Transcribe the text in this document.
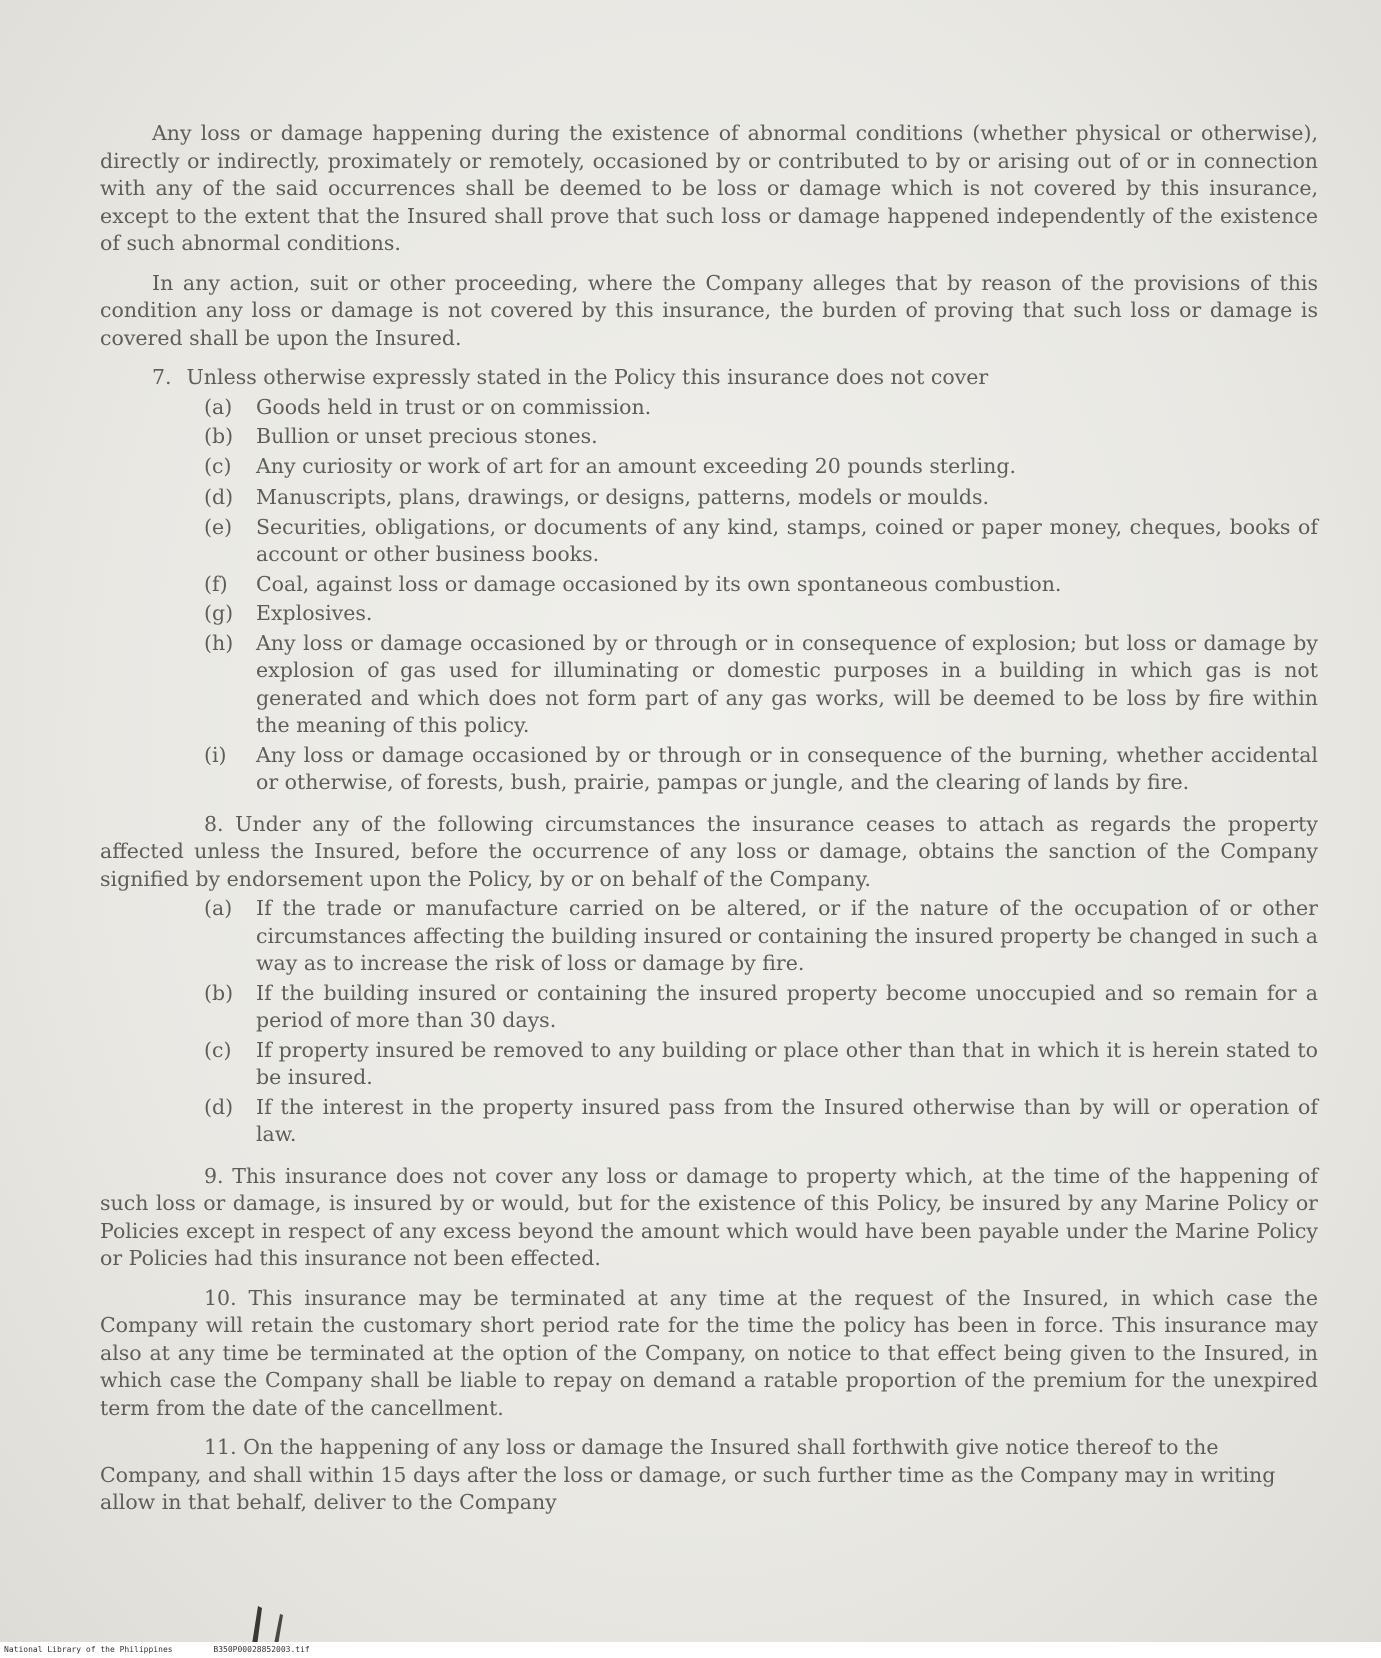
Any loss or damage happening during the existence of abnormal conditions (whether physical or otherwise), directly or indirectly, proximately or remotely, occasioned by or contributed to by or arising out of or in connection with any of the said occurrences shall be deemed to be loss or damage which is not covered by this insurance, except to the extent that the Insured shall prove that such loss or damage happened independently of the existence of such abnormal conditions.

In any action, suit or other proceeding, where the Company alleges that by reason of the provisions of this condition any loss or damage is not covered by this insurance, the burden of proving that such loss or damage is covered shall be upon the Insured.

7. Unless otherwise expressly stated in the Policy this insurance does not cover

(a) Goods held in trust or on commission.
(b) Bullion or unset precious stones.
(c) Any curiosity or work of art for an amount exceeding 20 pounds sterling.
(d) Manuscripts, plans, drawings, or designs, patterns, models or moulds.
(e) Securities, obligations, or documents of any kind, stamps, coined or paper money, cheques, books of account or other business books.
(f) Coal, against loss or damage occasioned by its own spontaneous combustion.
(g) Explosives.
(h) Any loss or damage occasioned by or through or in consequence of explosion; but loss or damage by explosion of gas used for illuminating or domestic purposes in a building in which gas is not generated and which does not form part of any gas works, will be deemed to be loss by fire within the meaning of this policy.
(i) Any loss or damage occasioned by or through or in consequence of the burning, whether accidental or otherwise, of forests, bush, prairie, pampas or jungle, and the clearing of lands by fire.

8. Under any of the following circumstances the insurance ceases to attach as regards the property affected unless the Insured, before the occurrence of any loss or damage, obtains the sanction of the Company signified by endorsement upon the Policy, by or on behalf of the Company.

(a) If the trade or manufacture carried on be altered, or if the nature of the occupation of or other circumstances affecting the building insured or containing the insured property be changed in such a way as to increase the risk of loss or damage by fire.
(b) If the building insured or containing the insured property become unoccupied and so remain for a period of more than 30 days.
(c) If property insured be removed to any building or place other than that in which it is herein stated to be insured.
(d) If the interest in the property insured pass from the Insured otherwise than by will or operation of law.

9. This insurance does not cover any loss or damage to property which, at the time of the happening of such loss or damage, is insured by or would, but for the existence of this Policy, be insured by any Marine Policy or Policies except in respect of any excess beyond the amount which would have been payable under the Marine Policy or Policies had this insurance not been effected.

10. This insurance may be terminated at any time at the request of the Insured, in which case the Company will retain the customary short period rate for the time the policy has been in force. This insurance may also at any time be terminated at the option of the Company, on notice to that effect being given to the Insured, in which case the Company shall be liable to repay on demand a ratable proportion of the premium for the unexpired term from the date of the cancellment.

11. On the happening of any loss or damage the Insured shall forthwith give notice thereof to the Company, and shall within 15 days after the loss or damage, or such further time as the Company may in writing allow in that behalf, deliver to the Company

National Library of the Philippines	B350P00028852003.tif
